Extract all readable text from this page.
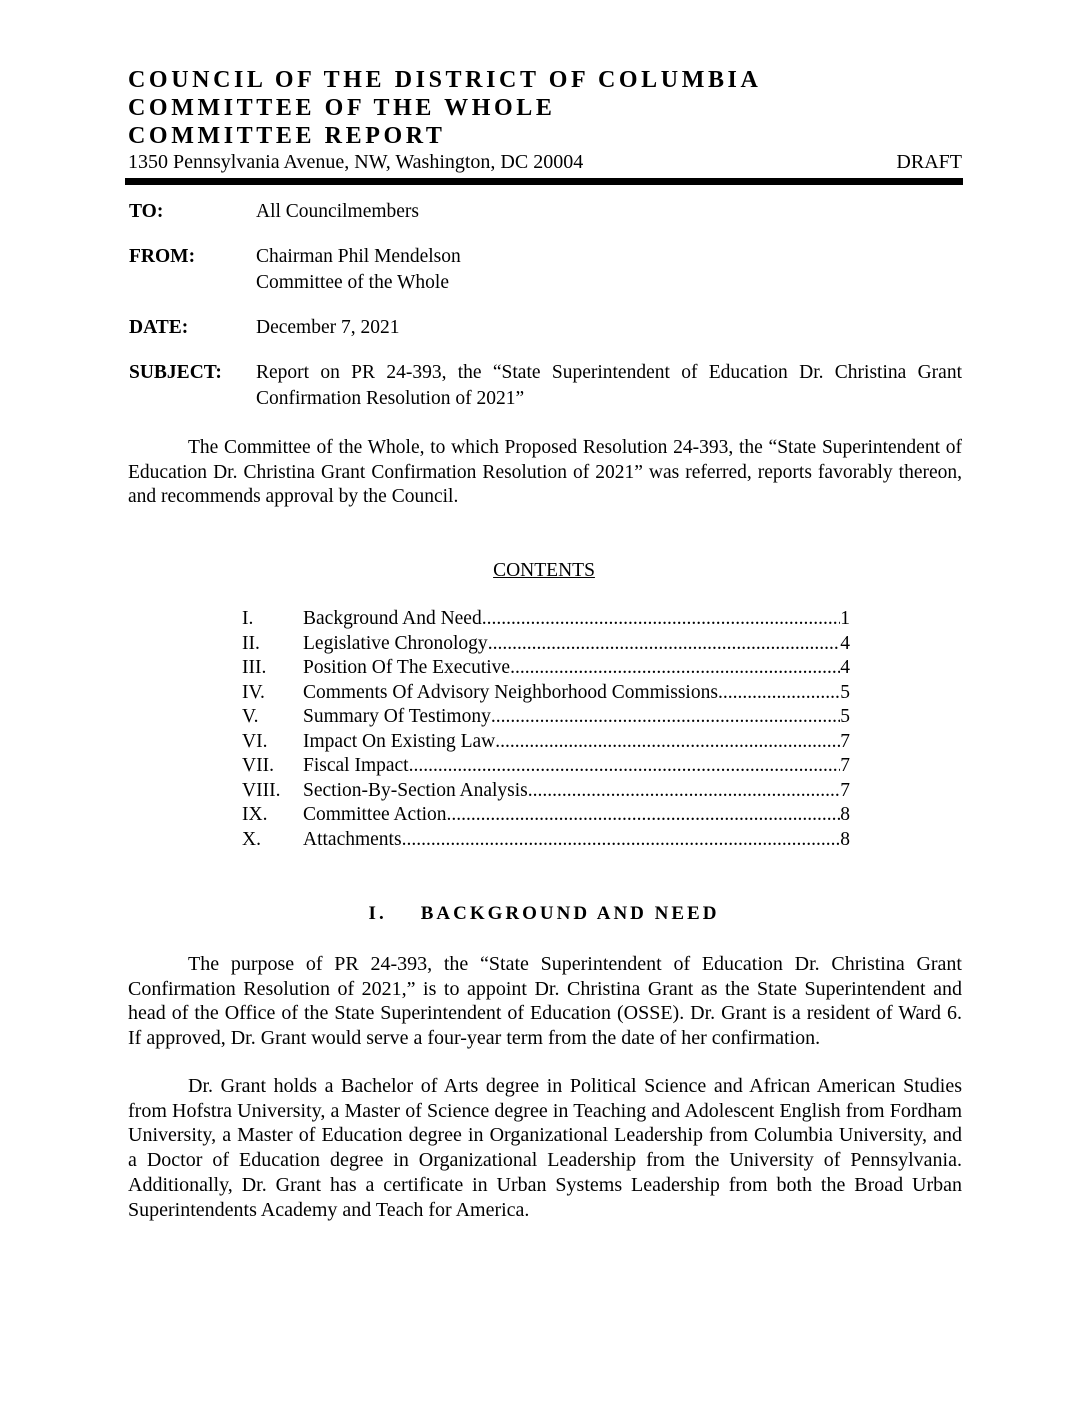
COUNCIL OF THE DISTRICT OF COLUMBIA
COMMITTEE OF THE WHOLE
COMMITTEE REPORT
1350 Pennsylvania Avenue, NW, Washington, DC 20004	DRAFT
TO:	All Councilmembers
FROM:	Chairman Phil Mendelson
Committee of the Whole
DATE:	December 7, 2021
SUBJECT: Report on PR 24-393, the “State Superintendent of Education Dr. Christina Grant Confirmation Resolution of 2021”
The Committee of the Whole, to which Proposed Resolution 24-393, the “State Superintendent of Education Dr. Christina Grant Confirmation Resolution of 2021” was referred, reports favorably thereon, and recommends approval by the Council.
CONTENTS
I.	Background And Need .....	1
II. Legislative Chronology .....	4
III. Position Of The Executive .....	4
IV. Comments Of Advisory Neighborhood Commissions .....	5
V. Summary Of Testimony .....	5
VI. Impact On Existing Law .....	7
VII. Fiscal Impact .....	7
VIII. Section-By-Section Analysis .....	7
IX. Committee Action .....	8
X. Attachments .....	8
I. BACKGROUND AND NEED
The purpose of PR 24-393, the “State Superintendent of Education Dr. Christina Grant Confirmation Resolution of 2021,” is to appoint Dr. Christina Grant as the State Superintendent and head of the Office of the State Superintendent of Education (OSSE). Dr. Grant is a resident of Ward 6. If approved, Dr. Grant would serve a four-year term from the date of her confirmation.
Dr. Grant holds a Bachelor of Arts degree in Political Science and African American Studies from Hofstra University, a Master of Science degree in Teaching and Adolescent English from Fordham University, a Master of Education degree in Organizational Leadership from Columbia University, and a Doctor of Education degree in Organizational Leadership from the University of Pennsylvania. Additionally, Dr. Grant has a certificate in Urban Systems Leadership from both the Broad Urban Superintendents Academy and Teach for America.
